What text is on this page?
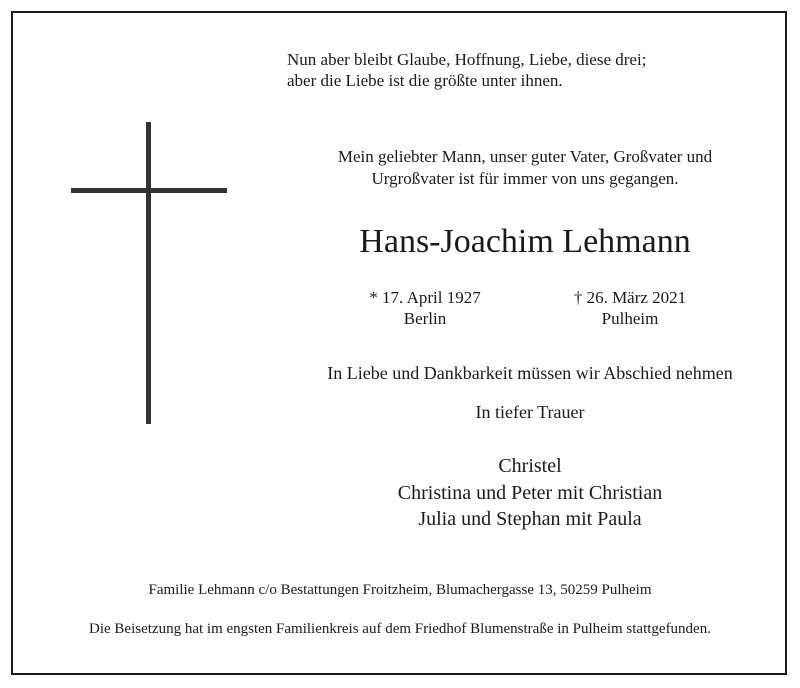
Nun aber bleibt Glaube, Hoffnung, Liebe, diese drei;
aber die Liebe ist die größte unter ihnen.
Mein geliebter Mann, unser guter Vater, Großvater und
Urgroßvater ist für immer von uns gegangen.
Hans-Joachim Lehmann
* 17. April 1927
Berlin
† 26. März 2021
Pulheim
In Liebe und Dankbarkeit müssen wir Abschied nehmen
In tiefer Trauer
Christel
Christina und Peter mit Christian
Julia und Stephan mit Paula
Familie Lehmann c/o Bestattungen Froitzheim, Blumachergasse 13, 50259 Pulheim
Die Beisetzung hat im engsten Familienkreis auf dem Friedhof Blumenstraße in Pulheim stattgefunden.
